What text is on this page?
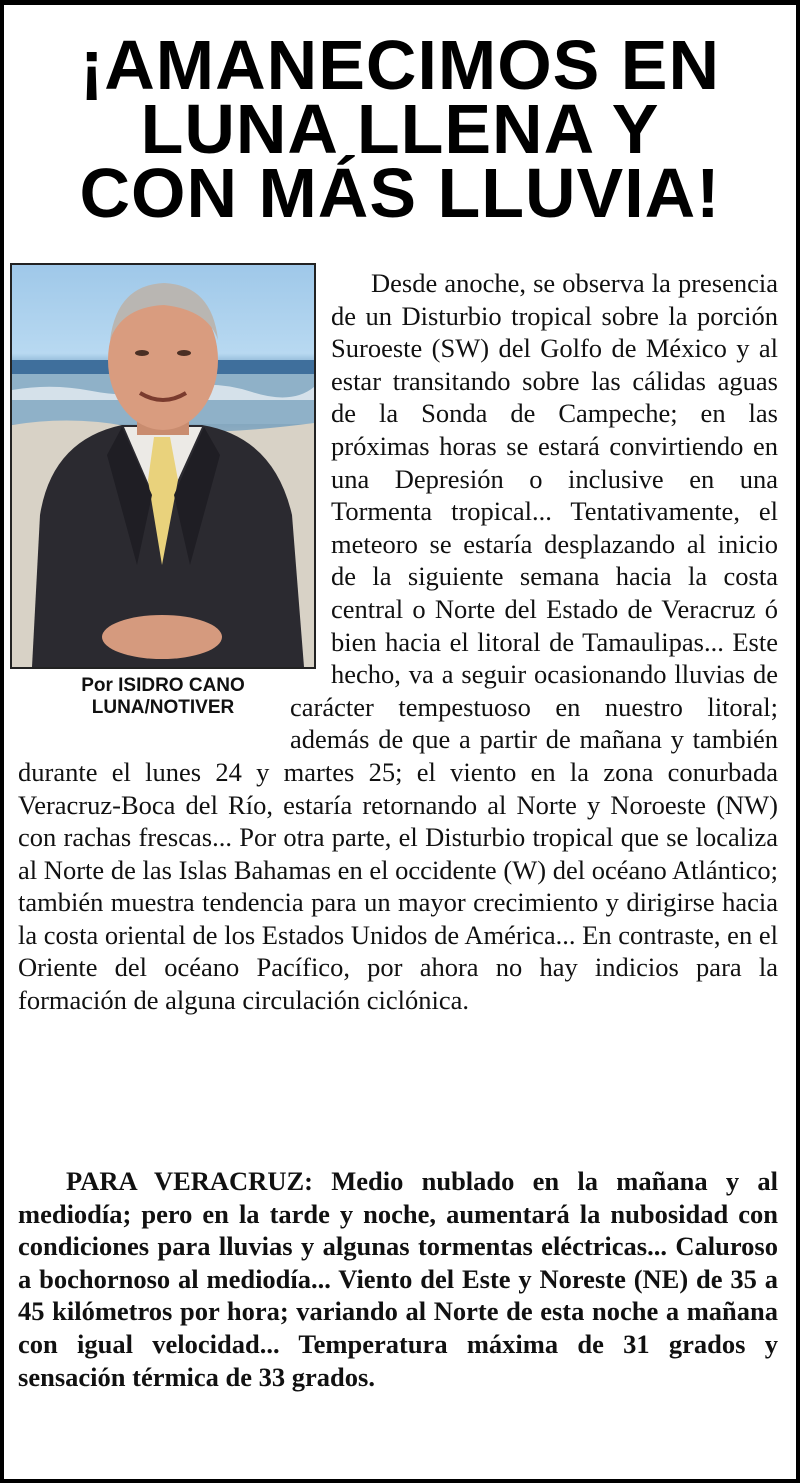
¡AMANECIMOS EN
LUNA LLENA Y
CON MÁS LLUVIA!
Por ISIDRO CANO
LUNA/NOTIVER

Desde anoche, se observa la presencia de un Disturbio tropical sobre la porción Suroeste (SW) del Golfo de México y al estar transitando sobre las cálidas aguas de la Sonda de Campeche; en las próximas horas se estará convirtiendo en una Depresión o inclusive en una Tormenta tropical... Tentativamente, el meteoro se estaría desplazando al inicio de la siguiente semana hacia la costa central o Norte del Estado de Veracruz ó bien hacia el litoral de Tamaulipas... Este hecho, va a seguir ocasionando lluvias de carácter tempestuoso en nuestro litoral; además de que a partir de mañana y también durante el lunes 24 y martes 25; el viento en la zona conurbada Veracruz-Boca del Río, estaría retornando al Norte y Noroeste (NW) con rachas frescas... Por otra parte, el Disturbio tropical que se localiza al Norte de las Islas Bahamas en el occidente (W) del océano Atlántico; también muestra tendencia para un mayor crecimiento y dirigirse hacia la costa oriental de los Estados Unidos de América... En contraste, en el Oriente del océano Pacífico, por ahora no hay indicios para la formación de alguna circulación ciclónica.

PARA VERACRUZ: Medio nublado en la mañana y al mediodía; pero en la tarde y noche, aumentará la nubosidad con condiciones para lluvias y algunas tormentas eléctricas... Caluroso a bochornoso al mediodía... Viento del Este y Noreste (NE) de 35 a 45 kilómetros por hora; variando al Norte de esta noche a mañana con igual velocidad... Temperatura máxima de 31 grados y sensación térmica de 33 grados.
